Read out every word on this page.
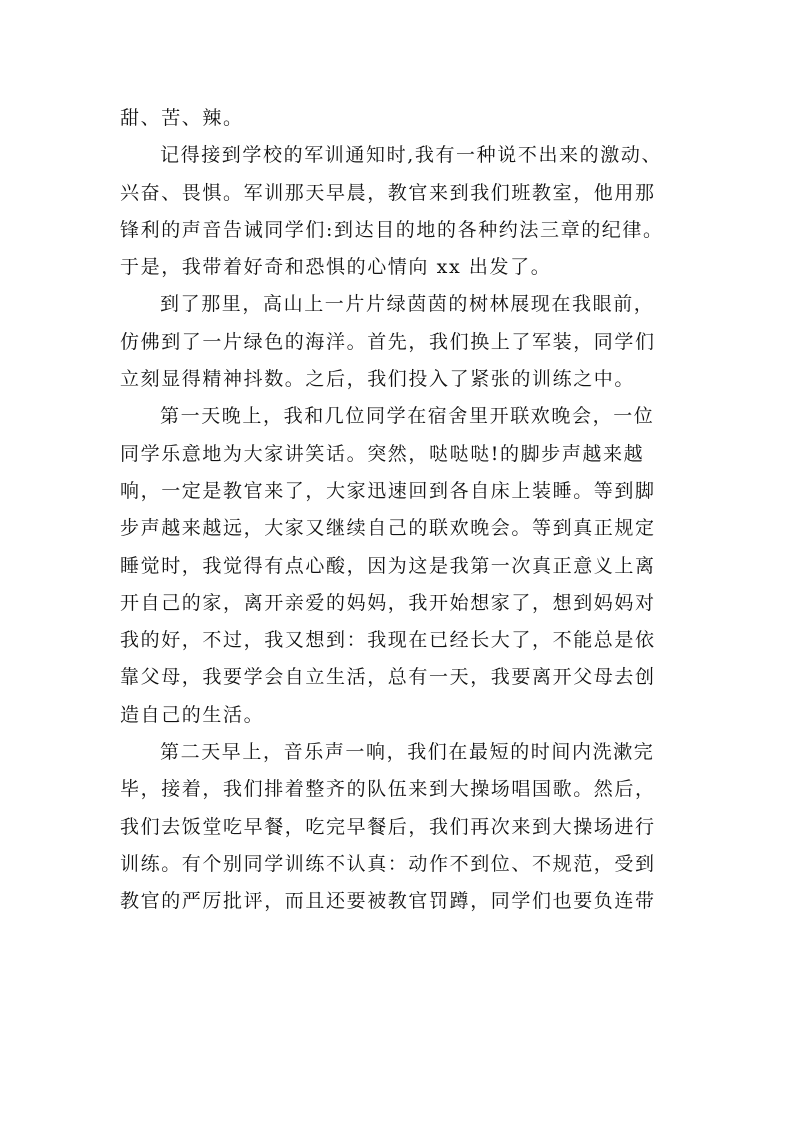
甜、苦、辣。
记得接到学校的军训通知时,我有一种说不出来的激动、
兴奋、畏惧。军训那天早晨，教官来到我们班教室，他用那
锋利的声音告诫同学们:到达目的地的各种约法三章的纪律。
于是，我带着好奇和恐惧的心情向 xx 出发了。
到了那里，高山上一片片绿茵茵的树林展现在我眼前，
仿佛到了一片绿色的海洋。首先，我们换上了军装，同学们
立刻显得精神抖数。之后，我们投入了紧张的训练之中。
第一天晚上，我和几位同学在宿舍里开联欢晚会，一位
同学乐意地为大家讲笑话。突然，哒哒哒!的脚步声越来越
响，一定是教官来了，大家迅速回到各自床上装睡。等到脚
步声越来越远，大家又继续自己的联欢晚会。等到真正规定
睡觉时，我觉得有点心酸，因为这是我第一次真正意义上离
开自己的家，离开亲爱的妈妈，我开始想家了，想到妈妈对
我的好，不过，我又想到：我现在已经长大了，不能总是依
靠父母，我要学会自立生活，总有一天，我要离开父母去创
造自己的生活。
第二天早上，音乐声一响，我们在最短的时间内洗漱完
毕，接着，我们排着整齐的队伍来到大操场唱国歌。然后，
我们去饭堂吃早餐，吃完早餐后，我们再次来到大操场进行
训练。有个别同学训练不认真：动作不到位、不规范，受到
教官的严厉批评，而且还要被教官罚蹲，同学们也要负连带
